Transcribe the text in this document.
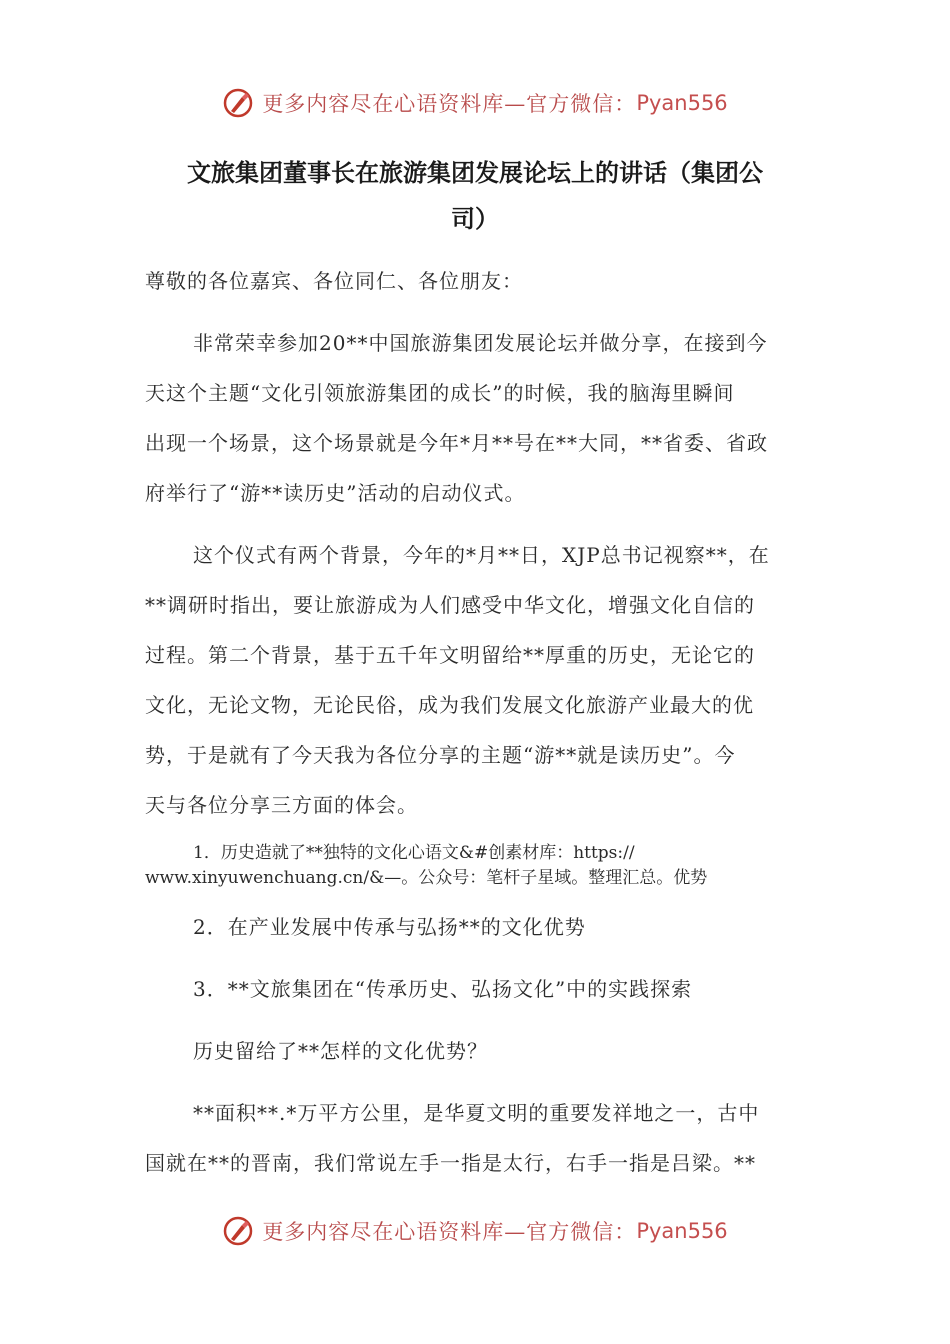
更多内容尽在心语资料库—官方微信： Pyan556
文旅集团董事长在旅游集团发展论坛上的讲话（集团公
司）
尊敬的各位嘉宾、各位同仁、各位朋友：
非常荣幸参加20**中国旅游集团发展论坛并做分享，在接到今
天这个主题“文化引领旅游集团的成长”的时候，我的脑海里瞬间
出现一个场景，这个场景就是今年*月**号在**大同，**省委、省政
府举行了“游**读历史”活动的启动仪式。
这个仪式有两个背景，今年的*月**日，XJP总书记视察**，在
**调研时指出，要让旅游成为人们感受中华文化，增强文化自信的
过程。第二个背景，基于五千年文明留给**厚重的历史，无论它的
文化，无论文物，无论民俗，成为我们发展文化旅游产业最大的优
势，于是就有了今天我为各位分享的主题“游**就是读历史”。今
天与各位分享三方面的体会。
1．历史造就了**独特的文化心语文&#创素材库：https://
www.xinyuwenchuang.cn/&—。公众号：笔杆子星域。整理汇总。优势
2．在产业发展中传承与弘扬**的文化优势
3．**文旅集团在“传承历史、弘扬文化”中的实践探索
历史留给了**怎样的文化优势？
**面积**.*万平方公里，是华夏文明的重要发祥地之一，古中
国就在**的晋南，我们常说左手一指是太行，右手一指是吕梁。**
更多内容尽在心语资料库—官方微信： Pyan556
